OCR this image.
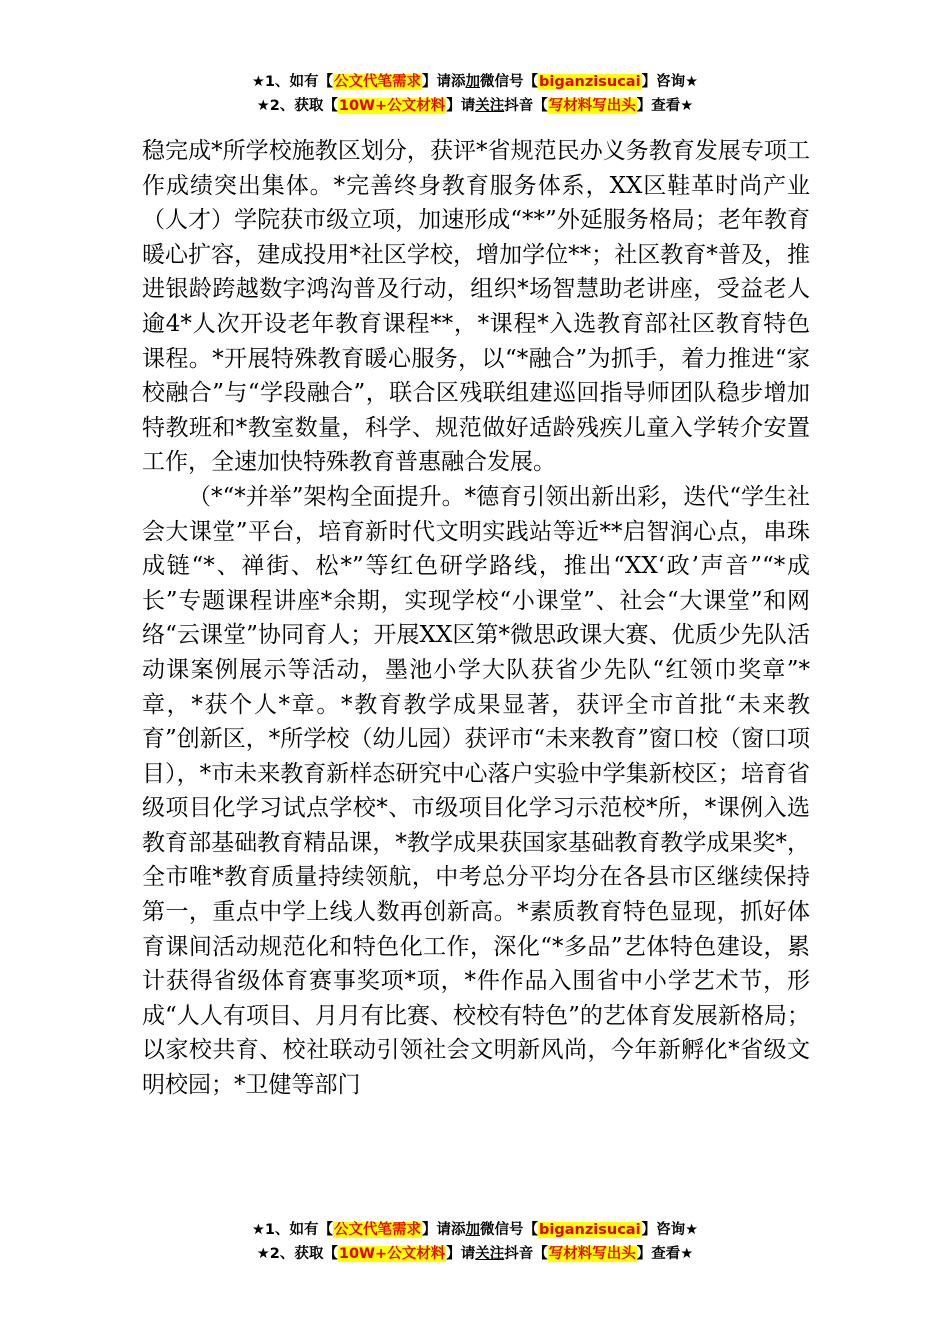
★1、如有【公文代笔需求】请添加微信号【biganzisucai】咨询★
★2、获取【10W+公文材料】请关注抖音【写材料写出头】查看★

稳完成*所学校施教区划分，获评*省规范民办义务教育发展专项工作成绩突出集体。*完善终身教育服务体系，XX区鞋革时尚产业（人才）学院获市级立项，加速形成“**”外延服务格局；老年教育暖心扩容，建成投用*社区学校，增加学位**；社区教育*普及，推进银龄跨越数字鸿沟普及行动，组织*场智慧助老讲座，受益老人逾4*人次开设老年教育课程**，*课程*入选教育部社区教育特色课程。*开展特殊教育暖心服务，以“*融合”为抓手，着力推进“家校融合”与“学段融合”，联合区残联组建巡回指导师团队稳步增加特教班和*教室数量，科学、规范做好适龄残疾儿童入学转介安置工作，全速加快特殊教育普惠融合发展。

（*“*并举”架构全面提升。*德育引领出新出彩，迭代“学生社会大课堂”平台，培育新时代文明实践站等近**启智润心点，串珠成链“*、禅街、松*”等红色研学路线，推出“XX‘政’声音”“*成长”专题课程讲座*余期，实现学校“小课堂”、社会“大课堂”和网络“云课堂”协同育人；开展XX区第*微思政课大赛、优质少先队活动课案例展示等活动，墨池小学大队获省少先队“红领巾奖章”*章，*获个人*章。*教育教学成果显著，获评全市首批“未来教育”创新区，*所学校（幼儿园）获评市“未来教育”窗口校（窗口项目），*市未来教育新样态研究中心落户实验中学集新校区；培育省级项目化学习试点学校*、市级项目化学习示范校*所，*课例入选教育部基础教育精品课，*教学成果获国家基础教育教学成果奖*，全市唯*教育质量持续领航，中考总分平均分在各县市区继续保持第一，重点中学上线人数再创新高。*素质教育特色显现，抓好体育课间活动规范化和特色化工作，深化“*多品”艺体特色建设，累计获得省级体育赛事奖项*项，*件作品入围省中小学艺术节，形成“人人有项目、月月有比赛、校校有特色”的艺体育发展新格局；以家校共育、校社联动引领社会文明新风尚，今年新孵化*省级文明校园；*卫健等部门

★1、如有【公文代笔需求】请添加微信号【biganzisucai】咨询★
★2、获取【10W+公文材料】请关注抖音【写材料写出头】查看★
